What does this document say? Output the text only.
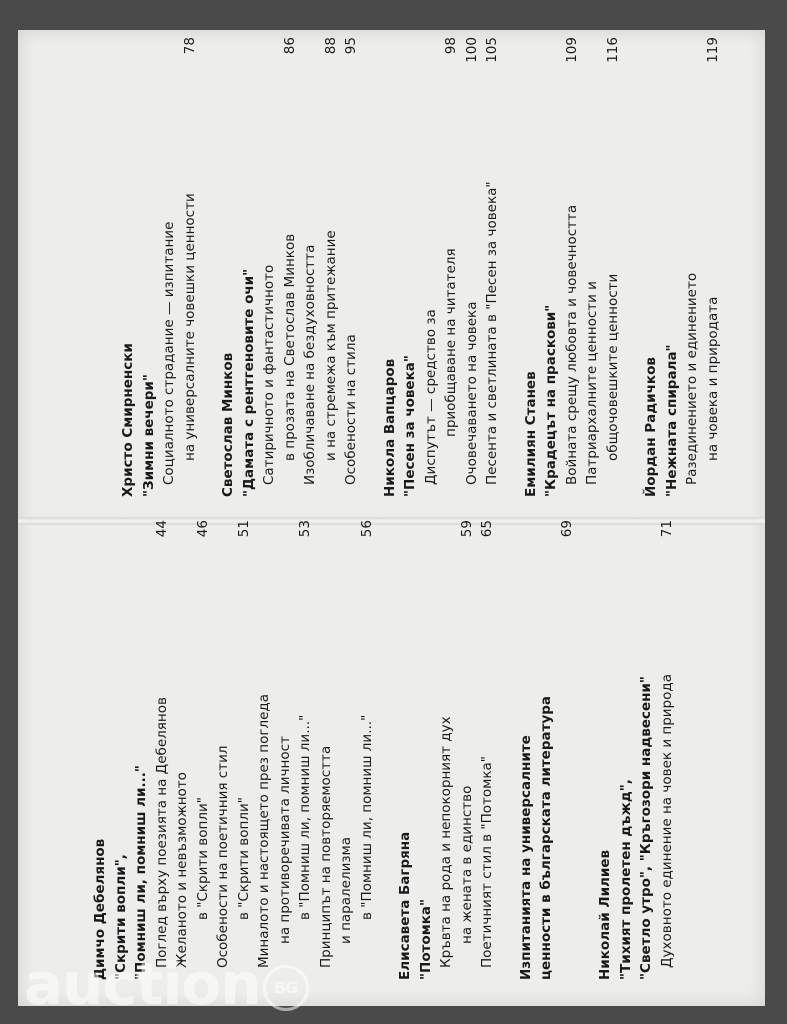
Христо Смирненски "Зимни вечери" Социалното страдание — изпитание на универсалните човешки ценности
78
Светослав Минков "Дамата с рентгеновите очи" Сатиричното и фантастичното в прозата на Светослав Минков
86
Изобличаване на бездуховността и на стремежа към притежание
88
Особености на стила
95
Никола Вапцаров "Песен за човека" Диспутът — средство за приобщаване на читателя
98
Очовечаването на човека
100
Песента и светлината в "Песен за човека"
105
Емилиян Станев "Крадецът на праскови" Войната срещу любовта и човечността
109
Патриархалните ценности и общочовешките ценности
116
Йордан Радичков "Нежната спирала" Разединението и единението на човека и природата
119
Димчо Дебелянов "Скрити вопли", "Помниш ли, помниш ли..." Поглед върху поезията на Дебелянов
44
Желаното и невъзможното в "Скрити вопли"
46
Особености на поетичния стил в "Скрити вопли"
51
Миналото и настоящето през погледа на противоречивата личност в "Помниш ли, помниш ли..."
53
Принципът на повторяемостта и паралелизма в "Помниш ли, помниш ли..."
56
Елисавета Багряна "Потомка" Кръвта на рода и непокорният дух на жената в единство
59
Поетичният стил в "Потомка"
65
Изпитанията на универсалните ценности в българската литература

69
Николай Лилиев "Тихият пролетен дъжд", "Светло утро", "Кръгозори надвесени" Духовното единение на човек и природа
71
auction BG
